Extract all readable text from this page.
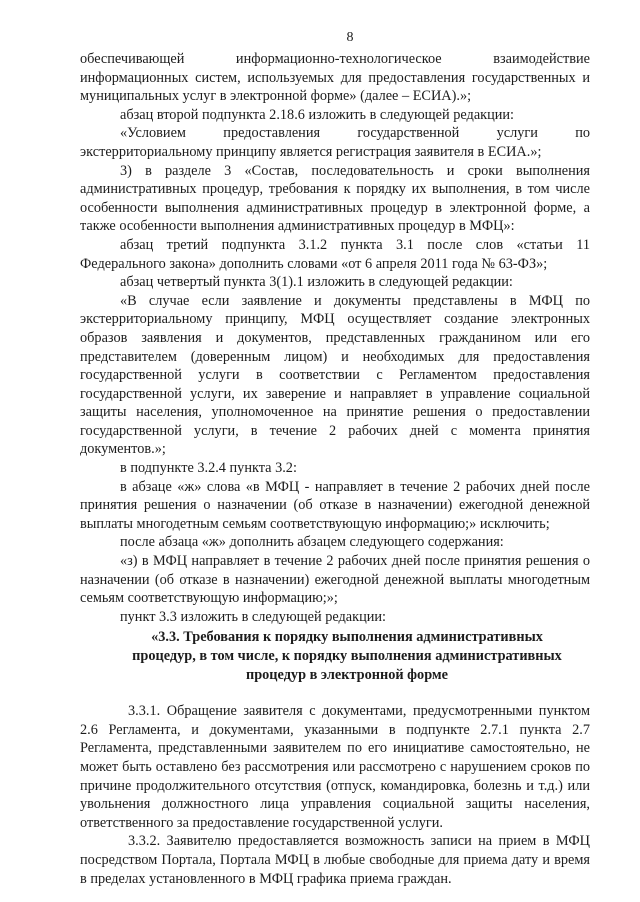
8

обеспечивающей информационно-технологическое взаимодействие информационных систем, используемых для предоставления государственных и муниципальных услуг в электронной форме» (далее – ЕСИА).»;

абзац второй подпункта 2.18.6 изложить в следующей редакции:

«Условием предоставления государственной услуги по экстерриториальному принципу является регистрация заявителя в ЕСИА.»;

3) в разделе 3 «Состав, последовательность и сроки выполнения административных процедур, требования к порядку их выполнения, в том числе особенности выполнения административных процедур в электронной форме, а также особенности выполнения административных процедур в МФЦ»:

абзац третий подпункта 3.1.2 пункта 3.1 после слов «статьи 11 Федерального закона» дополнить словами «от 6 апреля 2011 года № 63-ФЗ»;

абзац четвертый пункта 3(1).1 изложить в следующей редакции:

«В случае если заявление и документы представлены в МФЦ по экстерриториальному принципу, МФЦ осуществляет создание электронных образов заявления и документов, представленных гражданином или его представителем (доверенным лицом) и необходимых для предоставления государственной услуги в соответствии с Регламентом предоставления государственной услуги, их заверение и направляет в управление социальной защиты населения, уполномоченное на принятие решения о предоставлении государственной услуги, в течение 2 рабочих дней с момента принятия документов.»;

в подпункте 3.2.4 пункта 3.2:

в абзаце «ж» слова «в МФЦ - направляет в течение 2 рабочих дней после принятия решения о назначении (об отказе в назначении) ежегодной денежной выплаты многодетным семьям соответствующую информацию;» исключить;

после абзаца «ж» дополнить абзацем следующего содержания:

«з) в МФЦ направляет в течение 2 рабочих дней после принятия решения о назначении (об отказе в назначении) ежегодной денежной выплаты многодетным семьям соответствующую информацию;»;

пункт 3.3 изложить в следующей редакции:

«3.3. Требования к порядку выполнения административных
процедур, в том числе, к порядку выполнения административных
процедур в электронной форме

3.3.1. Обращение заявителя с документами, предусмотренными пунктом 2.6 Регламента, и документами, указанными в подпункте 2.7.1 пункта 2.7 Регламента, представленными заявителем по его инициативе самостоятельно, не может быть оставлено без рассмотрения или рассмотрено с нарушением сроков по причине продолжительного отсутствия (отпуск, командировка, болезнь и т.д.) или увольнения должностного лица управления социальной защиты населения, ответственного за предоставление государственной услуги.

3.3.2. Заявителю предоставляется возможность записи на прием в МФЦ посредством Портала, Портала МФЦ в любые свободные для приема дату и время в пределах установленного в МФЦ графика приема граждан.
